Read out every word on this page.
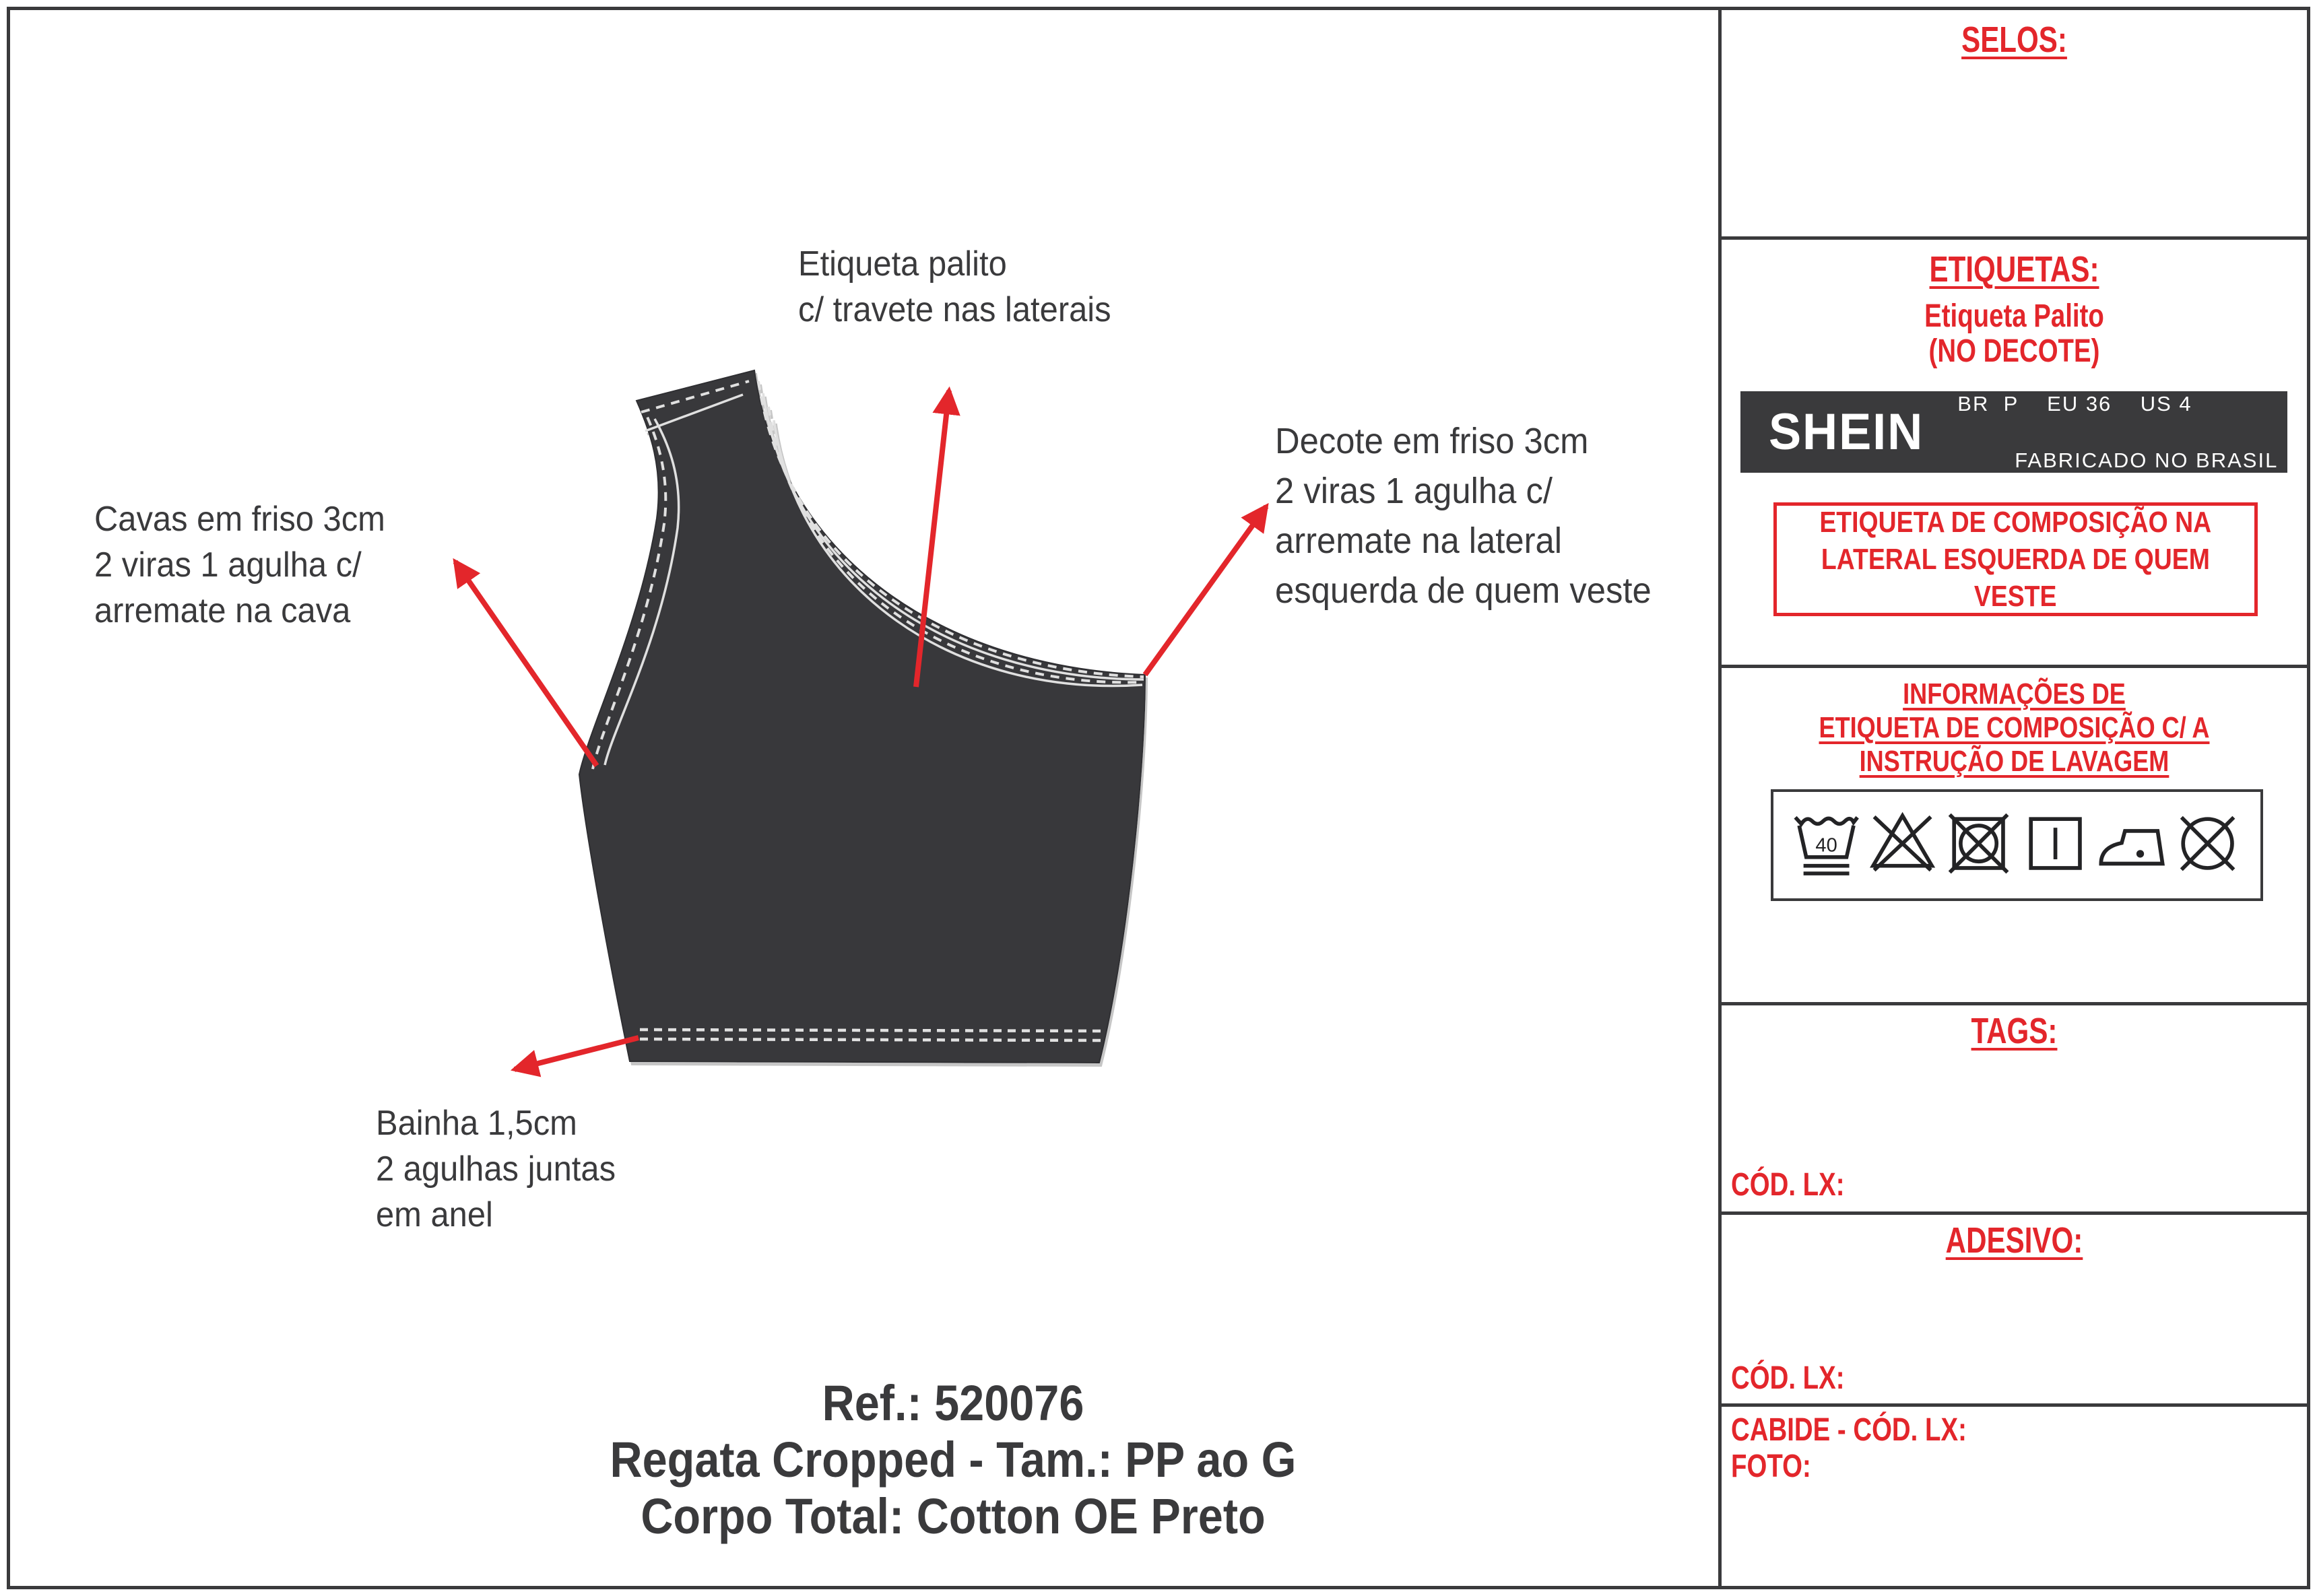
Etiqueta palito
c/ travete nas laterais
Cavas em friso 3cm
2 viras 1 agulha c/
arremate na cava
Decote em friso 3cm
2 viras 1 agulha c/
arremate na lateral
esquerda de quem veste
Bainha 1,5cm
2 agulhas juntas
em anel
Ref.: 520076
Regata Cropped - Tam.: PP ao G
Corpo Total: Cotton OE Preto
SELOS:
ETIQUETAS:
Etiqueta Palito
(NO DECOTE)
SHEIN BR  P    EU 36    US 4

FABRICADO NO BRASIL
ETIQUETA DE COMPOSIÇÃO NA
LATERAL ESQUERDA DE QUEM
VESTE
INFORMAÇÕES DE
ETIQUETA DE COMPOSIÇÃO C/ A
INSTRUÇÃO DE LAVAGEM
40
TAGS:
CÓD. LX:
ADESIVO:
CÓD. LX:
CABIDE - CÓD. LX:
FOTO:
